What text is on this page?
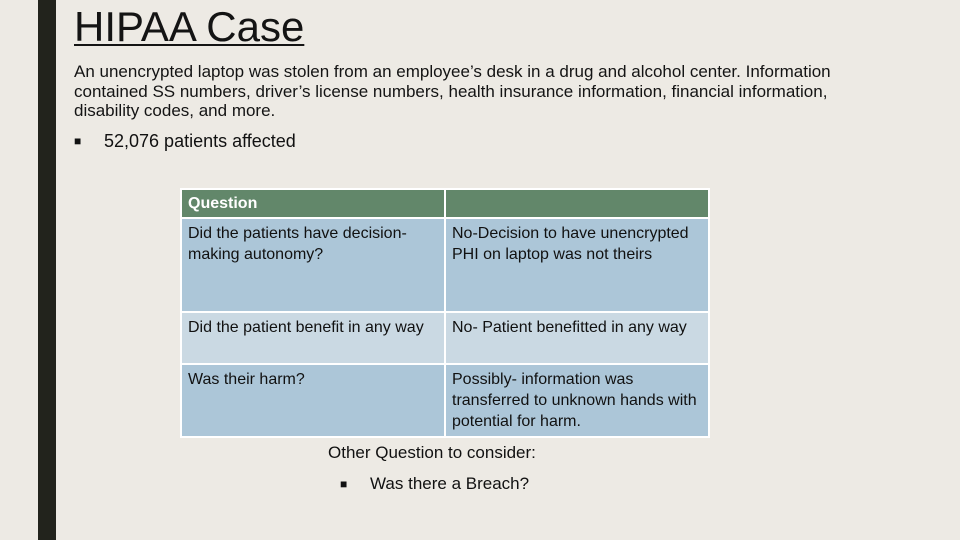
HIPAA Case
An unencrypted laptop was stolen from an employee’s desk in a drug and alcohol center. Information contained SS numbers, driver’s license numbers, health insurance information, financial information, disability codes, and more.
■	52,076 patients affected
Question	
Did the patients have decision-making autonomy?	No-Decision to have unencrypted PHI on laptop was not theirs
Did the patient benefit in any way	No- Patient benefitted in any way
Was their harm?	Possibly- information was transferred to unknown hands with potential for harm.
Other Question to consider:
■	Was there a Breach?
